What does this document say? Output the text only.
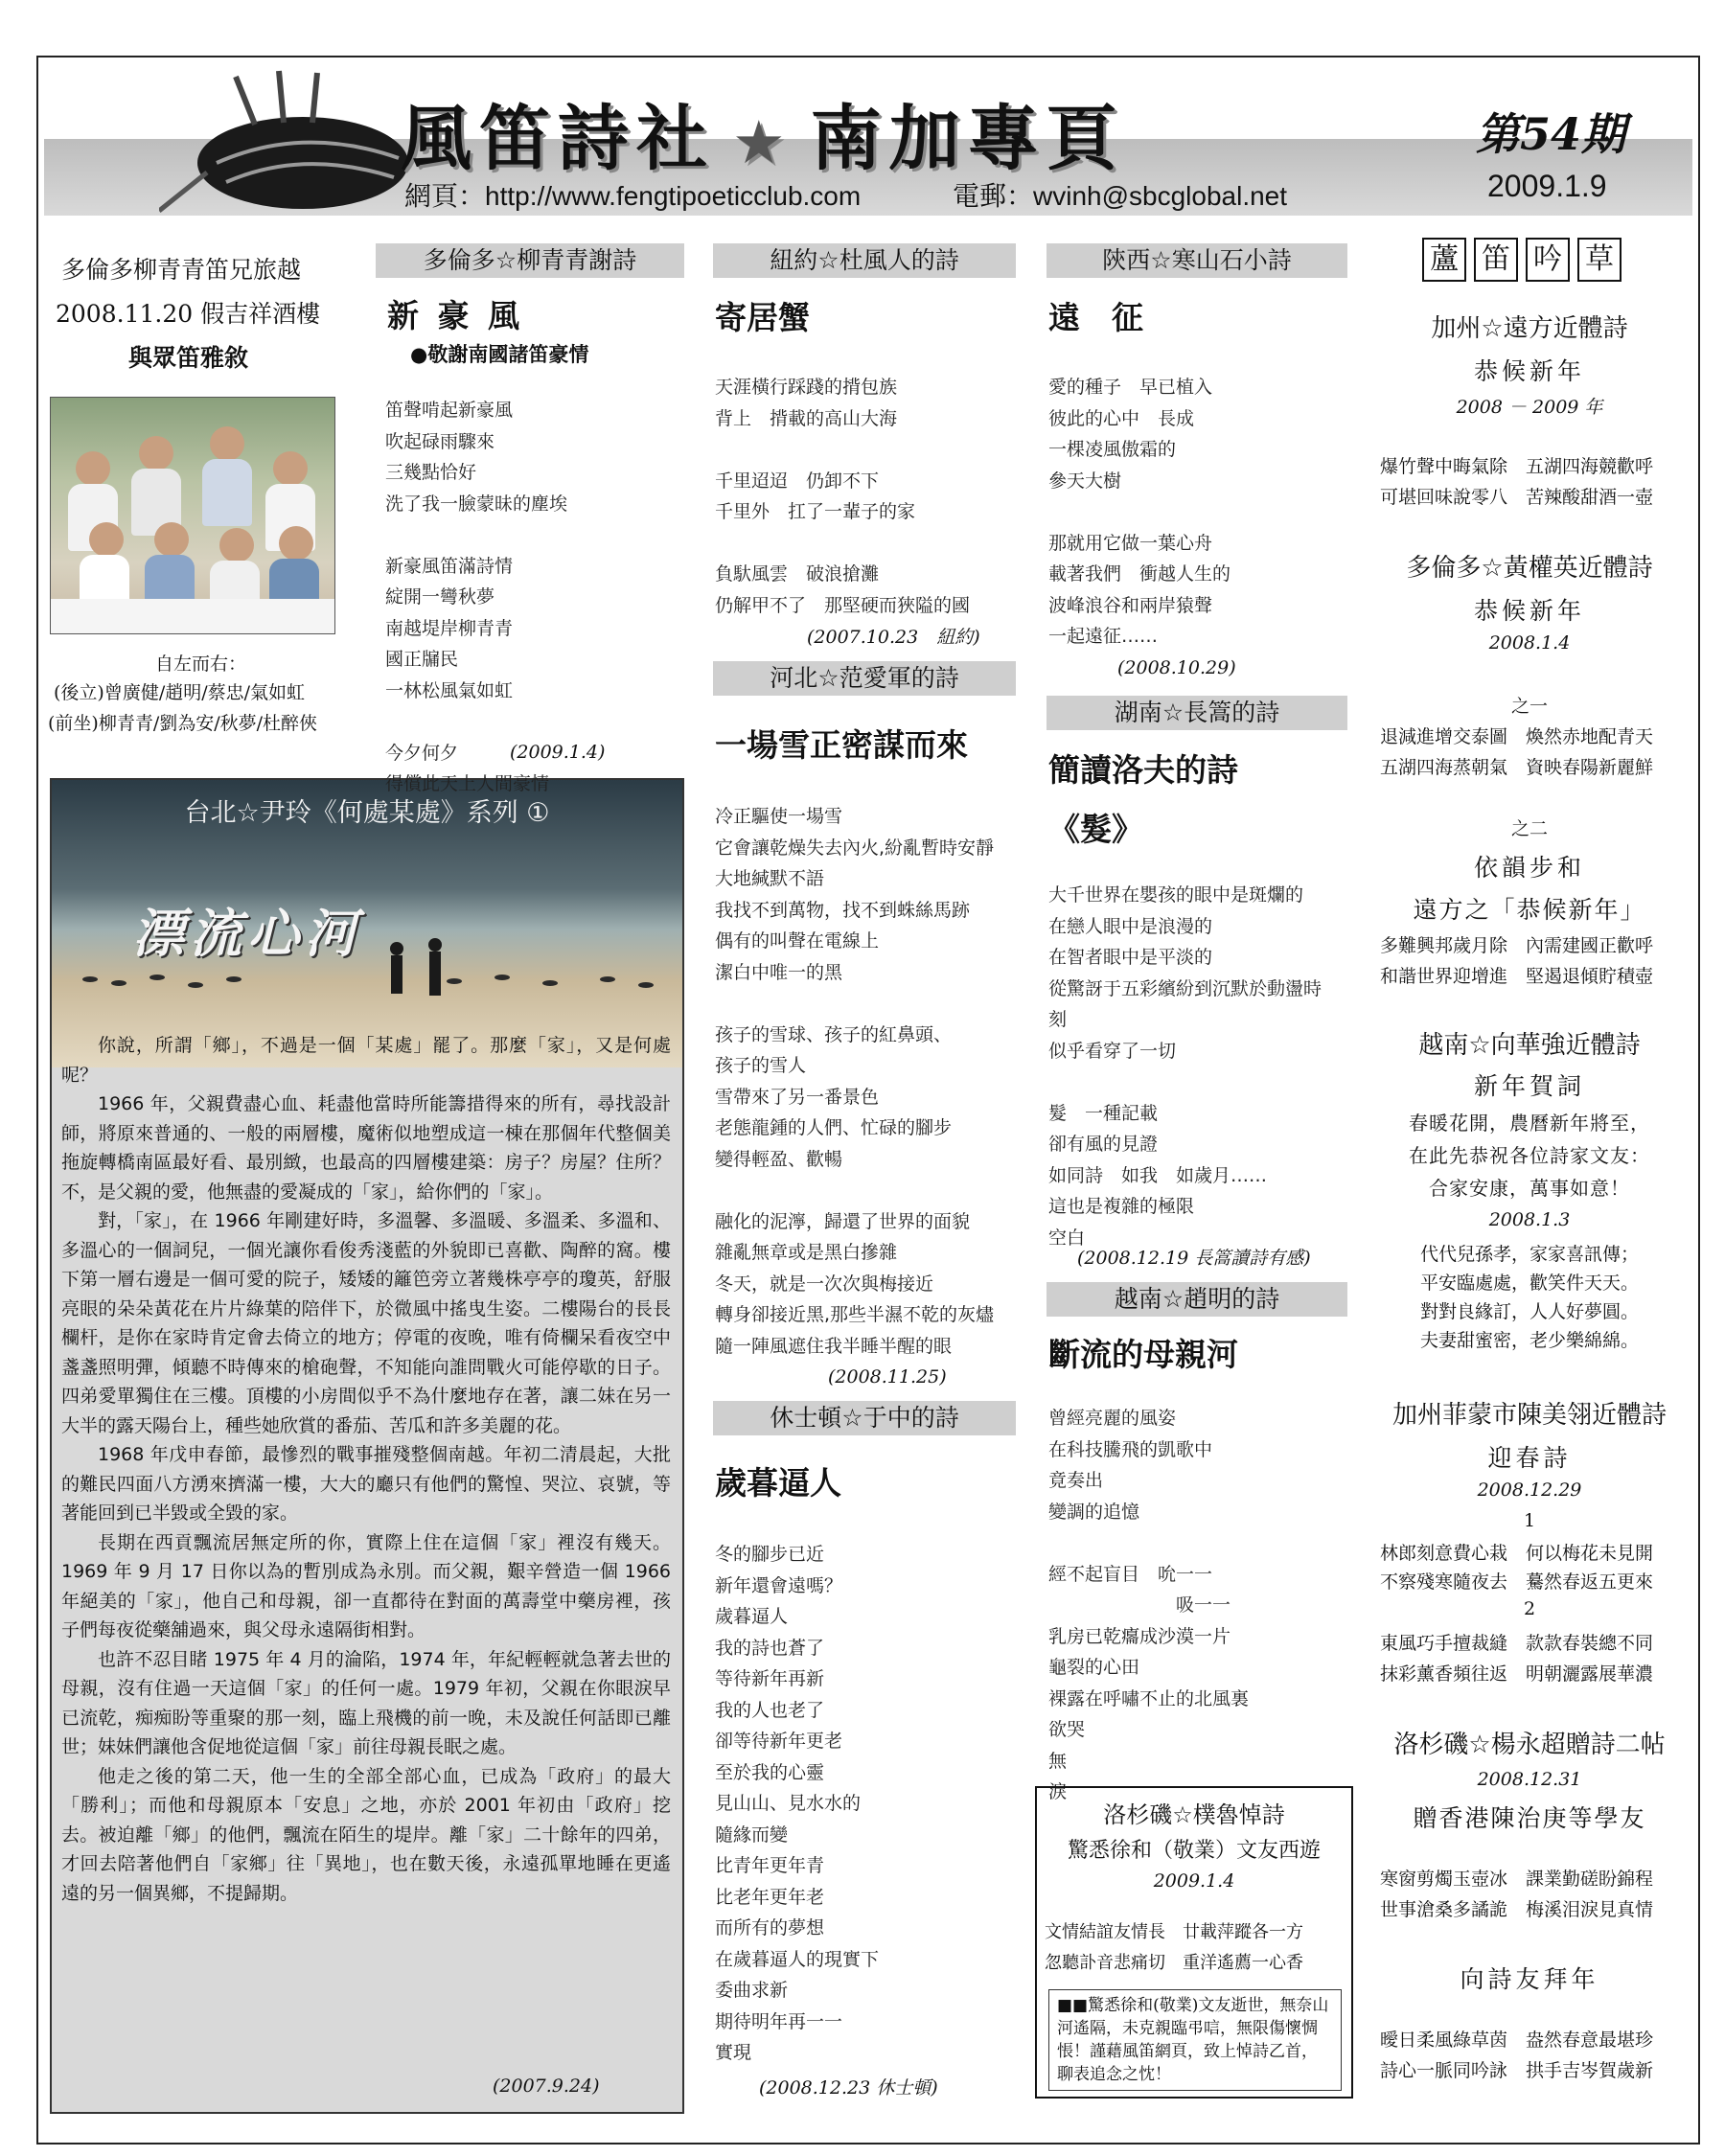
風笛詩社 ★ 南加專頁	第54期
2009.1.9
網頁：http://www.fengtipoeticclub.com	電郵：wvinh@sbcglobal.net
多倫多柳青青笛兄旅越
2008.11.20 假吉祥酒樓
與眾笛雅敘
自左而右：
(後立)曾廣健/趙明/蔡忠/氣如虹
(前坐)柳青青/劉為安/秋夢/杜醉俠
台北☆尹玲《何處某處》系列 ①
漂流心河

你說，所謂「鄉」，不過是一個「某處」罷了。那麼「家」，又是何處呢？

1966 年，父親費盡心血、耗盡他當時所能籌措得來的所有，尋找設計師，將原來普通的、一般的兩層樓，魔術似地塑成這一棟在那個年代整個美拖旋轉橋南區最好看、最別緻，也最高的四層樓建築：房子？房屋？住所？不，是父親的愛，他無盡的愛凝成的「家」，給你們的「家」。

對，「家」，在 1966 年剛建好時，多溫馨、多溫暖、多溫柔、多溫和、多溫心的一個詞兒，一個光讓你看俊秀淺藍的外貌即已喜歡、陶醉的窩。樓下第一層右邊是一個可愛的院子，矮矮的籬笆旁立著幾株亭亭的瓊英，舒服亮眼的朵朵黃花在片片綠葉的陪伴下，於微風中搖曳生姿。二樓陽台的長長欄杆，是你在家時肯定會去倚立的地方；停電的夜晚，唯有倚欄呆看夜空中盞盞照明彈，傾聽不時傳來的槍砲聲，不知能向誰問戰火可能停歇的日子。四弟愛單獨住在三樓。頂樓的小房間似乎不為什麼地存在著，讓二妹在另一大半的露天陽台上，種些她欣賞的番茄、苦瓜和許多美麗的花。

1968 年戊申春節，最慘烈的戰事摧殘整個南越。年初二清晨起，大批的難民四面八方湧來擠滿一樓，大大的廳只有他們的驚惶、哭泣、哀號，等著能回到已半毀或全毀的家。

長期在西貢飄流居無定所的你，實際上住在這個「家」裡沒有幾天。1969 年 9 月 17 日你以為的暫別成為永別。而父親，艱辛營造一個 1966 年絕美的「家」，他自己和母親，卻一直都待在對面的萬壽堂中藥房裡，孩子們每夜從藥舖過來，與父母永遠隔街相對。

也許不忍目睹 1975 年 4 月的淪陷，1974 年，年紀輕輕就急著去世的母親，沒有住過一天這個「家」的任何一處。1979 年初，父親在你眼淚早已流乾，痴痴盼等重聚的那一刻，臨上飛機的前一晚，未及說任何話即已離世；妹妹們讓他含促地從這個「家」前往母親長眠之處。

他走之後的第二天，他一生的全部全部心血，已成為「政府」的最大「勝利」；而他和母親原本「安息」之地，亦於 2001 年初由「政府」挖去。被迫離「鄉」的他們，飄流在陌生的堤岸。離「家」二十餘年的四弟，才回去陪著他們自「家鄉」往「異地」，也在數天後，永遠孤單地睡在更遙遠的另一個異鄉，不提歸期。

(2007.9.24)
多倫多☆柳青青謝詩
新 豪 風
●敬謝南國諸笛豪情
笛聲啃起新豪風
吹起碌雨驟來
三幾點恰好
洗了我一臉蒙昧的塵埃

新豪風笛滿詩情
綻開一彎秋夢
南越堤岸柳青青
國正牖民
一林松風氣如虹

今夕何夕
得償此天上人間豪情
(2009.1.4)
紐約☆杜風人的詩
寄居蟹
天涯橫行踩踐的揹包族
背上　揹載的高山大海

千里迢迢　仍卸不下
千里外　扛了一輩子的家

負馱風雲　破浪搶灘
仍解甲不了　那堅硬而狹隘的國
(2007.10.23　紐約)
河北☆范愛軍的詩
一場雪正密謀而來
冷正驅使一場雪
它會讓乾燥失去內火,紛亂暫時安靜
大地緘默不語
我找不到萬物，找不到蛛絲馬跡
偶有的叫聲在電線上
潔白中唯一的黑

孩子的雪球、孩子的紅鼻頭、
孩子的雪人
雪帶來了另一番景色
老態龍鍾的人們、忙碌的腳步
變得輕盈、歡暢

融化的泥濘，歸還了世界的面貌
雜亂無章或是黑白摻雜
冬天，就是一次次與梅接近
轉身卻接近黑,那些半濕不乾的灰燼
隨一陣風遮住我半睡半醒的眼
(2008.11.25)
休士頓☆于中的詩
歲暮逼人
冬的腳步已近
新年還會遠嗎？
歲暮逼人
我的詩也蒼了
等待新年再新
我的人也老了
卻等待新年更老
至於我的心靈
見山山、見水水的
隨緣而變
比青年更年青
比老年更年老
而所有的夢想
在歲暮逼人的現實下
委曲求新
期待明年再一一
實現
(2008.12.23 休士頓)
陝西☆寒山石小詩
遠　征
愛的種子　早已植入
彼此的心中　長成
一棵凌風傲霜的
參天大樹

那就用它做一葉心舟
載著我們　衝越人生的
波峰浪谷和兩岸猿聲
一起遠征……
(2008.10.29)
湖南☆長篙的詩
簡讀洛夫的詩
《髮》
大千世界在嬰孩的眼中是斑爛的
在戀人眼中是浪漫的
在智者眼中是平淡的
從驚訝于五彩繽紛到沉默於動盪時
刻
似乎看穿了一切

髮　一種記載
卻有風的見證
如同詩　如我　如歲月……
這也是複雜的極限
空白
(2008.12.19 長篙讀詩有感)
越南☆趙明的詩
斷流的母親河
曾經亮麗的風姿
在科技騰飛的凱歌中
竟奏出
變調的追憶

經不起盲目　吮一一
　　　　　　　吸一一
乳房已乾癟成沙漠一片
龜裂的心田
裸露在呼嘯不止的北風裏
欲哭
無
淚
洛杉磯☆樸魯悼詩
驚悉徐和（敬業）文友西遊
2009.1.4
文情結誼友情長　廿載萍蹤各一方
忽聽訃音悲痛切　重洋遙薦一心香
■■驚悉徐和(敬業)文友逝世，無奈山河遙隔，未克親臨弔唁，無限傷懷惆悵！謹藉風笛網頁，致上悼詩乙首，聊表追念之忱！
蘆 笛 吟 草
加州☆遠方近體詩
恭候新年
2008 － 2009 年
爆竹聲中晦氣除　五湖四海競歡呼
可堪回味說零八　苦辣酸甜酒一壺
多倫多☆黃權英近體詩
恭候新年
2008.1.4
之一
退減進增交泰圖　煥然赤地配青天
五湖四海蒸朝氣　資映春陽新麗鮮
之二
依韻步和
遠方之「恭候新年」
多難興邦歲月除　內需建國正歡呼
和諧世界迎增進　堅遏退傾貯積壺
越南☆向華強近體詩
新年賀詞
春暖花開，農曆新年將至，
在此先恭祝各位詩家文友：
合家安康，萬事如意！
2008.1.3
代代兒孫孝，家家喜訊傳；
平安臨處處，歡笑件天天。
對對良緣訂，人人好夢圓。
夫妻甜蜜密，老少樂綿綿。
加州菲蒙市陳美翎近體詩
迎春詩
2008.12.29
1
林郎刻意費心栽　何以梅花未見開
不察殘寒隨夜去　驀然春返五更來
2
東風巧手擅裁縫　款款春裝總不同
抹彩薰香頻往返　明朝灑露展華濃
洛杉磯☆楊永超贈詩二帖
2008.12.31
贈香港陳治庚等學友
寒窗剪燭玉壺冰　課業勤磋盼錦程
世事滄桑多譎詭　梅溪泪淚見真情
向詩友拜年
曖日柔風綠草茵　盎然春意最堪珍
詩心一脈同吟詠　拱手吉岑賀歲新
